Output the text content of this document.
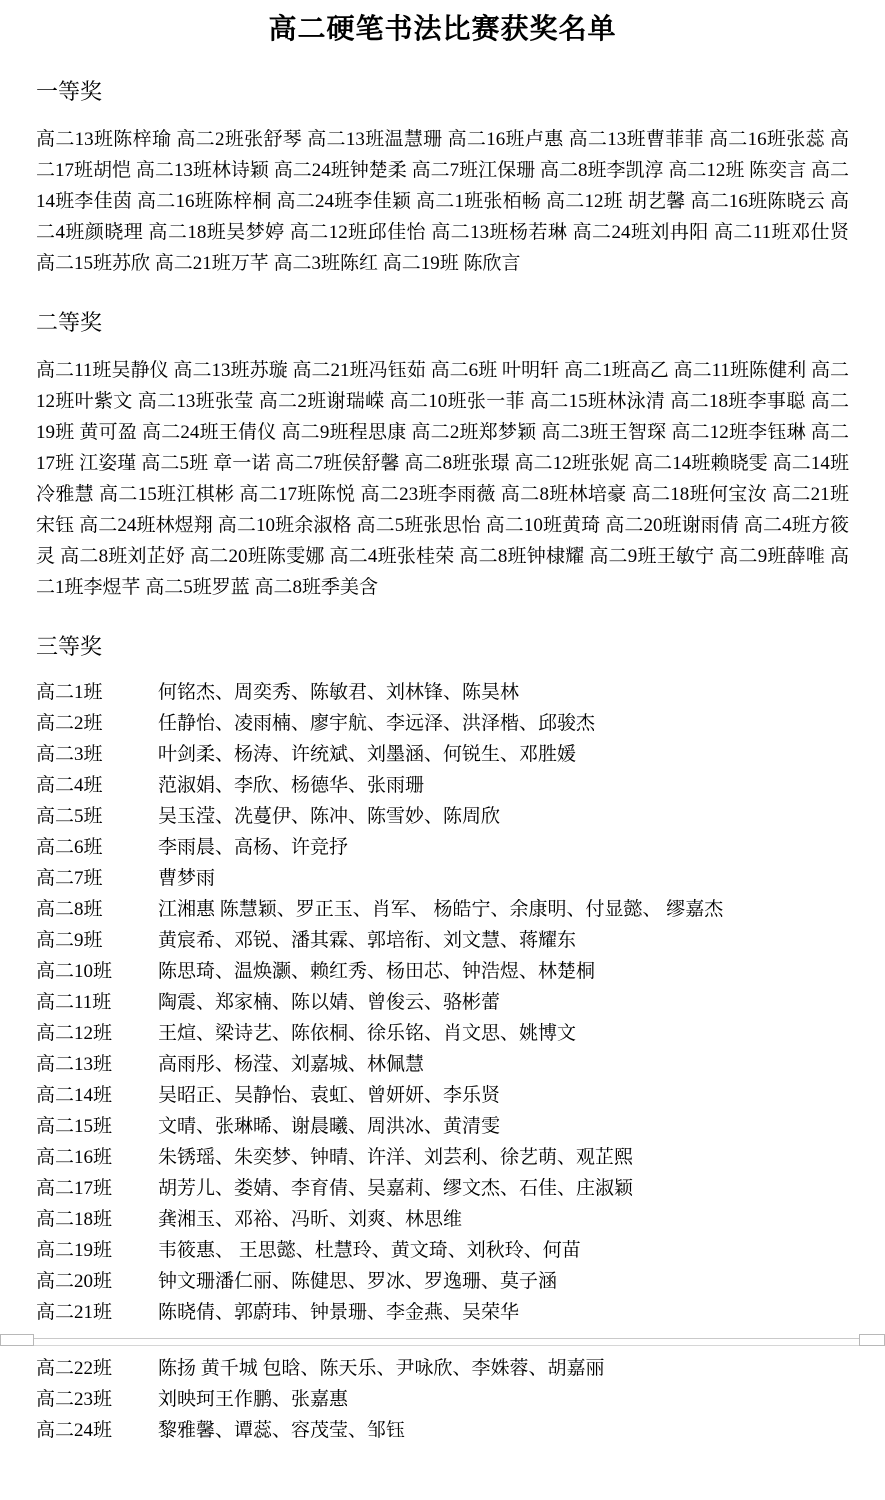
高二硬笔书法比赛获奖名单
一等奖

高二13班陈梓瑜 高二2班张舒琴 高二13班温慧珊 高二16班卢惠 高二13班曹菲菲 高二16班张蕊 高二17班胡恺 高二13班林诗颖 高二24班钟楚柔 高二7班江保珊 高二8班李凯淳 高二12班 陈奕言 高二14班李佳茵 高二16班陈梓桐 高二24班李佳颖 高二1班张栢畅 高二12班 胡艺馨 高二16班陈晓云 高二4班颜晓理 高二18班吴梦婷 高二12班邱佳怡 高二13班杨若琳 高二24班刘冉阳 高二11班邓仕贤 高二15班苏欣 高二21班万芊 高二3班陈红 高二19班 陈欣言

二等奖

高二11班吴静仪 高二13班苏璇 高二21班冯钰茹 高二6班 叶明轩 高二1班高乙 高二11班陈健利 高二12班叶紫文 高二13班张莹 高二2班谢瑞嵘 高二10班张一菲 高二15班林泳清 高二18班李事聪 高二19班 黄可盈 高二24班王倩仪 高二9班程思康 高二2班郑梦颖 高二3班王智琛 高二12班李钰琳 高二17班 江姿瑾 高二5班 章一诺 高二7班侯舒馨 高二8班张璟 高二12班张妮 高二14班赖晓雯 高二14班冷雅慧 高二15班江棋彬 高二17班陈悦 高二23班李雨薇 高二8班林培豪 高二18班何宝汝 高二21班宋钰 高二24班林煜翔 高二10班余淑格 高二5班张思怡 高二10班黄琦 高二20班谢雨倩 高二4班方筱灵 高二8班刘芷妤 高二20班陈雯娜 高二4班张桂荣 高二8班钟棣耀 高二9班王敏宁 高二9班薛唯 高二1班李煜芊 高二5班罗蓝 高二8班季美含

三等奖
高二1班	何铭杰、周奕秀、陈敏君、刘林锋、陈昊林
高二2班	任静怡、凌雨楠、廖宇航、李远泽、洪泽楷、邱骏杰
高二3班	叶剑柔、杨涛、许统斌、刘墨涵、何锐生、邓胜媛
高二4班	范淑娟、李欣、杨德华、张雨珊
高二5班	吴玉滢、冼蔓伊、陈冲、陈雪妙、陈周欣
高二6班	李雨晨、高杨、许竞抒
高二7班	曹梦雨
高二8班	江湘惠 陈慧颖、罗正玉、肖军、 杨皓宁、余康明、付显懿、 缪嘉杰
高二9班	黄宸希、邓锐、潘其霖、郭培衔、刘文慧、蒋耀东
高二10班	陈思琦、温焕灏、赖红秀、杨田芯、钟浩煜、林楚桐
高二11班	陶震、郑家楠、陈以婧、曾俊云、骆彬蕾
高二12班	王煊、梁诗艺、陈依桐、徐乐铭、肖文思、姚博文
高二13班	高雨彤、杨滢、刘嘉城、林佩慧
高二14班	吴昭正、吴静怡、袁虹、曾妍妍、李乐贤
高二15班	文晴、张琳晞、谢晨曦、周洪冰、黄清雯
高二16班	朱锈瑶、朱奕梦、钟晴、许洋、刘芸利、徐艺萌、观芷熙
高二17班	胡芳儿、娄婧、李育倩、吴嘉莉、缪文杰、石佳、庄淑颖
高二18班	龚湘玉、邓裕、冯昕、刘爽、林思维
高二19班	韦筱惠、 王思懿、杜慧玲、黄文琦、刘秋玲、何苗
高二20班	钟文珊潘仁丽、陈健思、罗冰、罗逸珊、莫子涵
高二21班	陈晓倩、郭蔚玮、钟景珊、李金燕、吴荣华
高二22班	陈扬 黄千城 包晗、陈天乐、尹咏欣、李姝蓉、胡嘉丽
高二23班	刘映珂王作鹏、张嘉惠
高二24班	黎雅馨、谭蕊、容茂莹、邹钰
